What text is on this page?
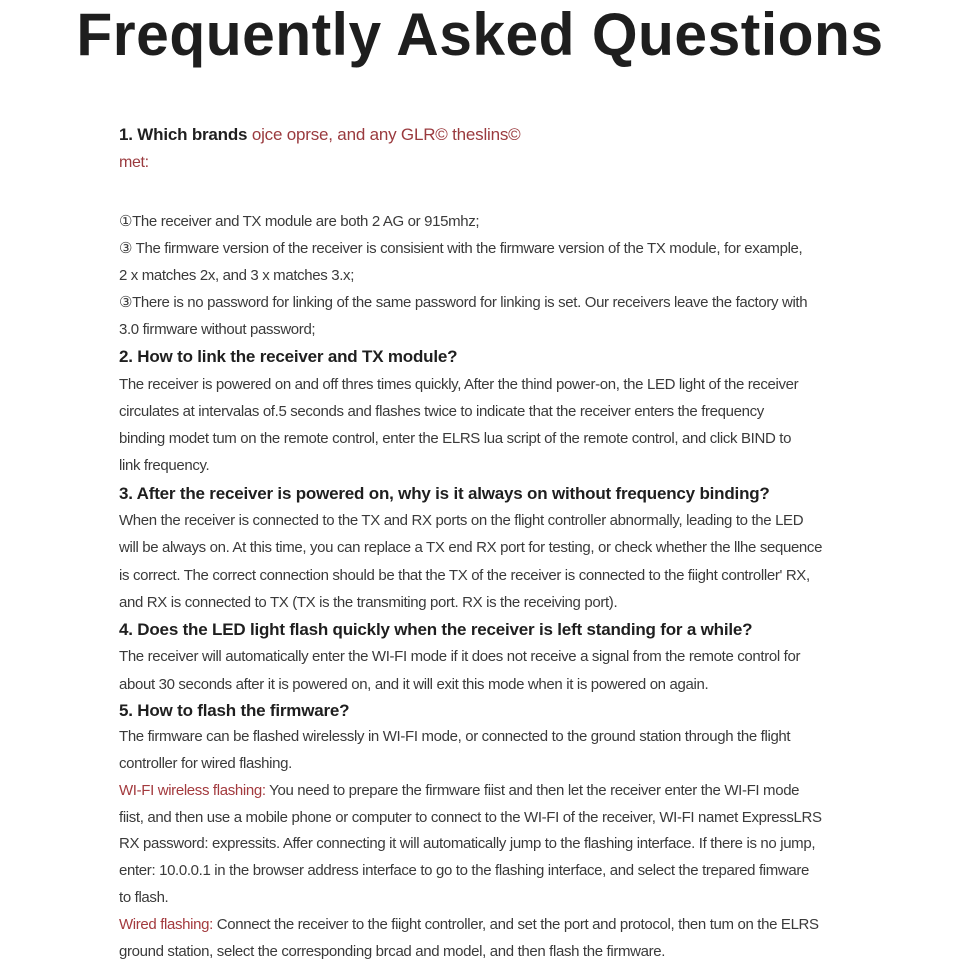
Frequently Asked Questions
1. Which brands ojce oprse, and any GLR© theslins©
met:
①The receiver and TX module are both 2 AG or 915mhz;
③ The firmware version of the receiver is consisient with the firmware version of the TX module, for example,
2 x matches 2x, and 3 x matches 3.x;
③There is no password for linking of the same password for linking is set. Our receivers leave the factory with
3.0 firmware without password;
2. How to link the receiver and TX module?
The receiver is powered on and off thres times quickly, After the thind power-on, the LED light of the receiver
circulates at intervalas of.5 seconds and flashes twice to indicate that the receiver enters the frequency
binding modet tum on the remote control, enter the ELRS lua script of the remote control, and click BIND to
link frequency.
3. After the receiver is powered on, why is it always on without frequency binding?
When the receiver is connected to the TX and RX ports on the flight controller abnormally, leading to the LED
will be always on. At this time, you can replace a TX end RX port for testing, or check whether the llhe sequence
is correct. The correct connection should be that the TX of the receiver is connected to the fiight controller' RX,
and RX is connected to TX (TX is the transmiting port. RX is the receiving port).
4. Does the LED light flash quickly when the receiver is left standing for a while?
The receiver will automatically enter the WI-FI mode if it does not receive a signal from the remote control for
about 30 seconds after it is powered on, and it will exit this mode when it is powered on again.
5. How to flash the firmware?
The firmware can be flashed wirelessly in WI-FI mode, or connected to the ground station through the flight
controller for wired flashing.
WI-FI wireless flashing: You need to prepare the firmware fiist and then let the receiver enter the WI-FI mode
fiist, and then use a mobile phone or computer to connect to the WI-FI of the receiver, WI-FI namet ExpressLRS
RX password: expressits. Affer connecting it will automatically jump to the flashing interface. If there is no jump,
enter: 10.0.0.1 in the browser address interface to go to the flashing interface, and select the trepared fimware
to flash.
Wired flashing: Connect the receiver to the fiight controller, and set the port and protocol, then tum on the ELRS
ground station, select the corresponding brcad and model, and then flash the firmware.
